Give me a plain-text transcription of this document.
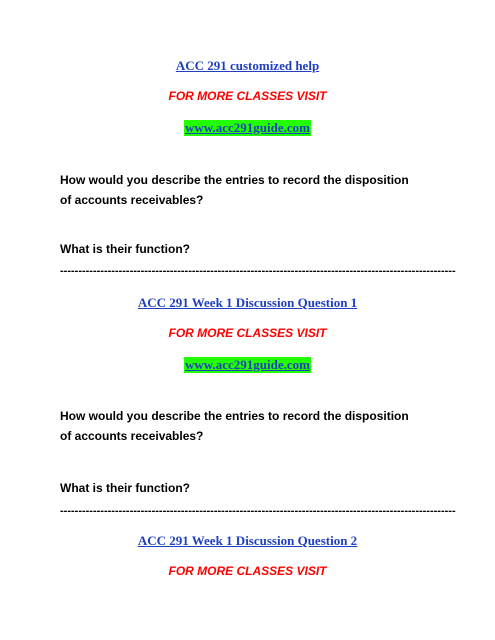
ACC 291 customized help

FOR MORE CLASSES VISIT

www.acc291guide.com

How would you describe the entries to record the disposition of accounts receivables?

What is their function?

------------------------------------------------------------------------------------------------------------

ACC 291 Week 1 Discussion Question 1

FOR MORE CLASSES VISIT

www.acc291guide.com

How would you describe the entries to record the disposition of accounts receivables?

What is their function?

------------------------------------------------------------------------------------------------------------

ACC 291 Week 1 Discussion Question 2

FOR MORE CLASSES VISIT
